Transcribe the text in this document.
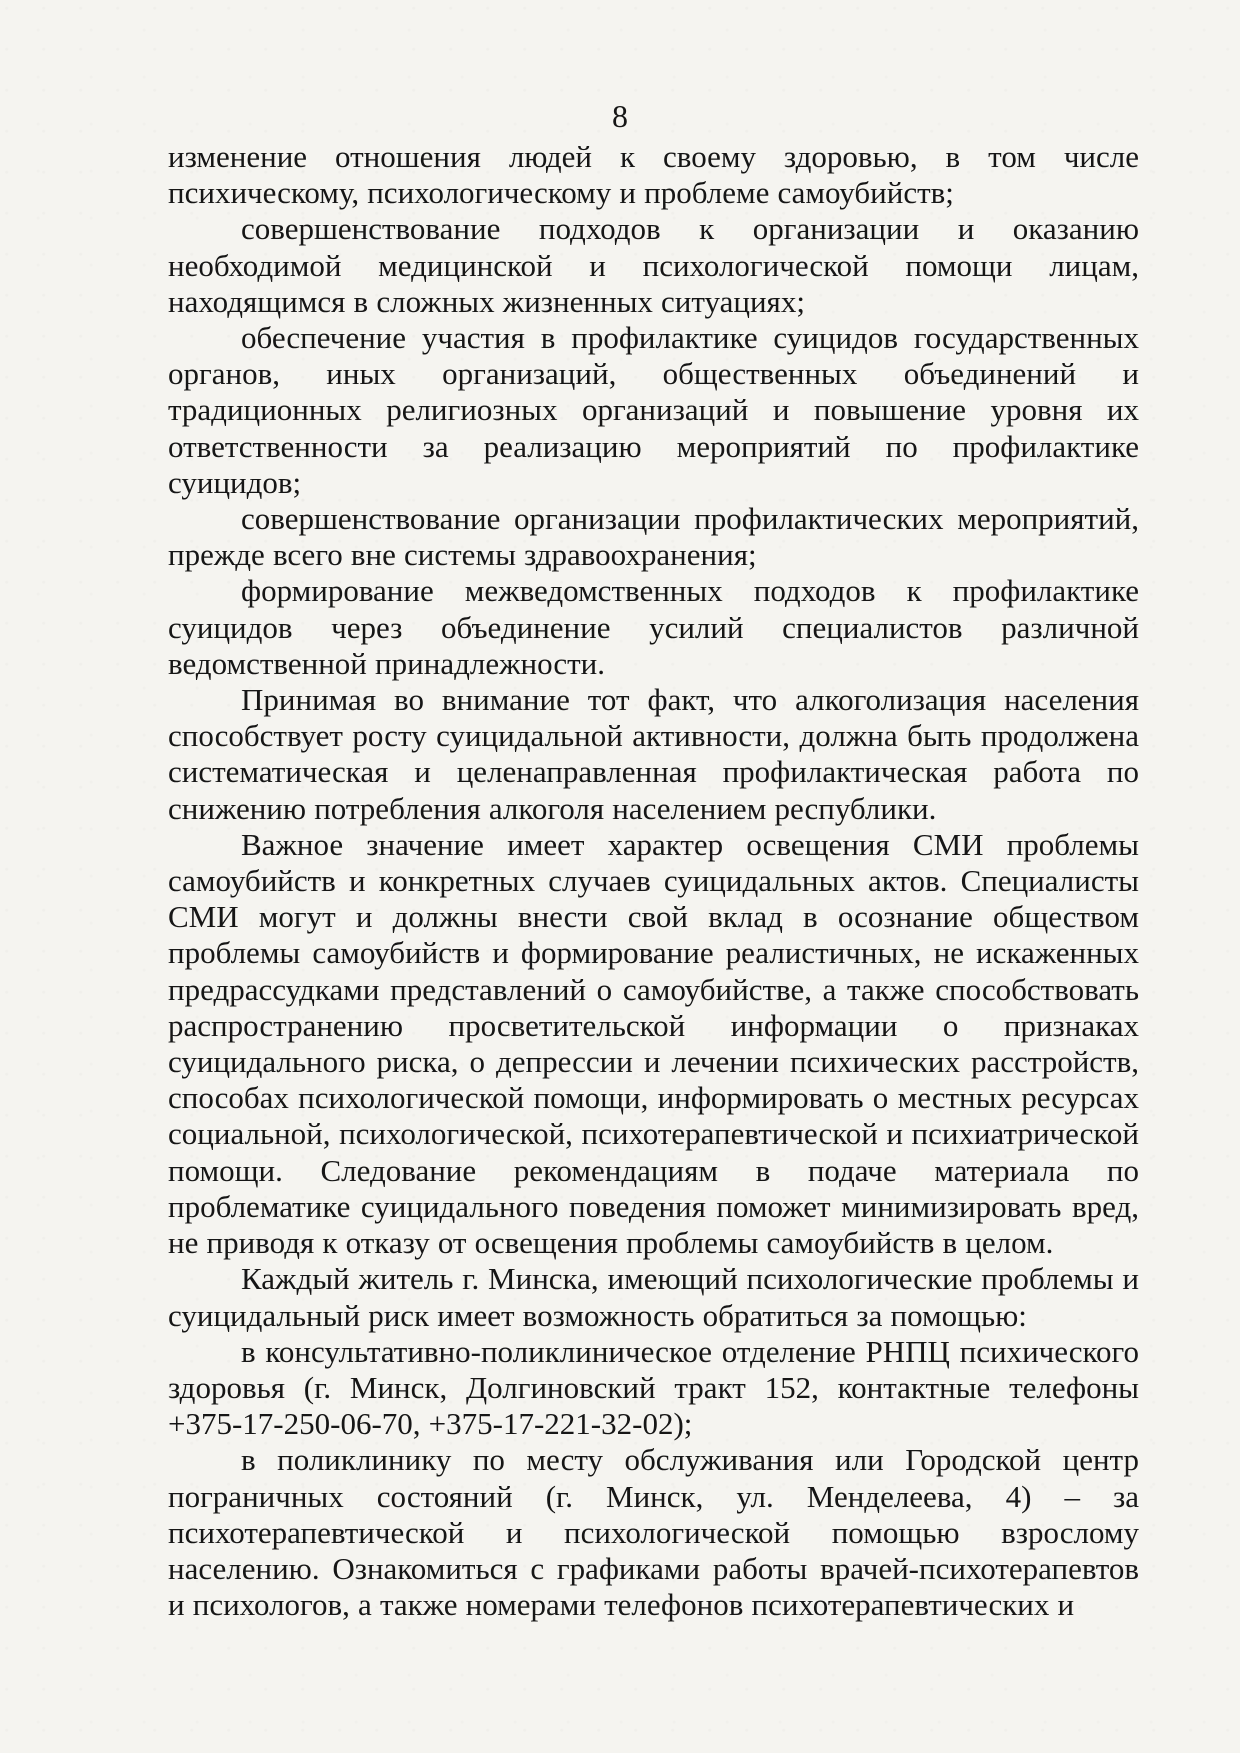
8

изменение отношения людей к своему здоровью, в том числе психическому, психологическому и проблеме самоубийств;

совершенствование подходов к организации и оказанию необходимой медицинской и психологической помощи лицам, находящимся в сложных жизненных ситуациях;

обеспечение участия в профилактике суицидов государственных органов, иных организаций, общественных объединений и традиционных религиозных организаций и повышение уровня их ответственности за реализацию мероприятий по профилактике суицидов;

совершенствование организации профилактических мероприятий, прежде всего вне системы здравоохранения;

формирование межведомственных подходов к профилактике суицидов через объединение усилий специалистов различной ведомственной принадлежности.

Принимая во внимание тот факт, что алкоголизация населения способствует росту суицидальной активности, должна быть продолжена систематическая и целенаправленная профилактическая работа по снижению потребления алкоголя населением республики.

Важное значение имеет характер освещения СМИ проблемы самоубийств и конкретных случаев суицидальных актов. Специалисты СМИ могут и должны внести свой вклад в осознание обществом проблемы самоубийств и формирование реалистичных, не искаженных предрассудками представлений о самоубийстве, а также способствовать распространению просветительской информации о признаках суицидального риска, о депрессии и лечении психических расстройств, способах психологической помощи, информировать о местных ресурсах социальной, психологической, психотерапевтической и психиатрической помощи. Следование рекомендациям в подаче материала по проблематике суицидального поведения поможет минимизировать вред, не приводя к отказу от освещения проблемы самоубийств в целом.

Каждый житель г. Минска, имеющий психологические проблемы и суицидальный риск имеет возможность обратиться за помощью:

в консультативно-поликлиническое отделение РНПЦ психического здоровья (г. Минск, Долгиновский тракт 152, контактные телефоны +375-17-250-06-70, +375-17-221-32-02);

в поликлинику по месту обслуживания или Городской центр пограничных состояний (г. Минск, ул. Менделеева, 4) – за психотерапевтической и психологической помощью взрослому населению. Ознакомиться с графиками работы врачей-психотерапевтов и психологов, а также номерами телефонов психотерапевтических и
